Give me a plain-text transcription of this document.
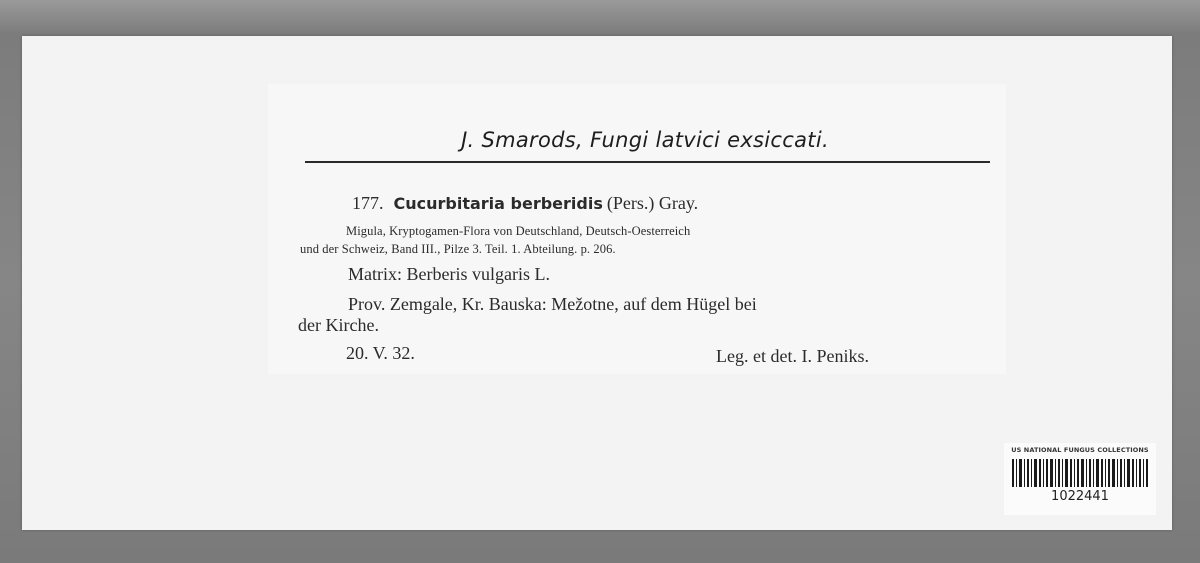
J. Smarods, Fungi latvici exsiccati.
177. Cucurbitaria berberidis (Pers.) Gray.
Migula, Kryptogamen-Flora von Deutschland, Deutsch-Oesterreich
und der Schweiz, Band III., Pilze 3. Teil. 1. Abteilung. p. 206.
Matrix: Berberis vulgaris L.
Prov. Zemgale, Kr. Bauska: Mežotne, auf dem Hügel bei
der Kirche.
20. V. 32.	Leg. et det. I. Peniks.
US NATIONAL FUNGUS COLLECTIONS
1022441
